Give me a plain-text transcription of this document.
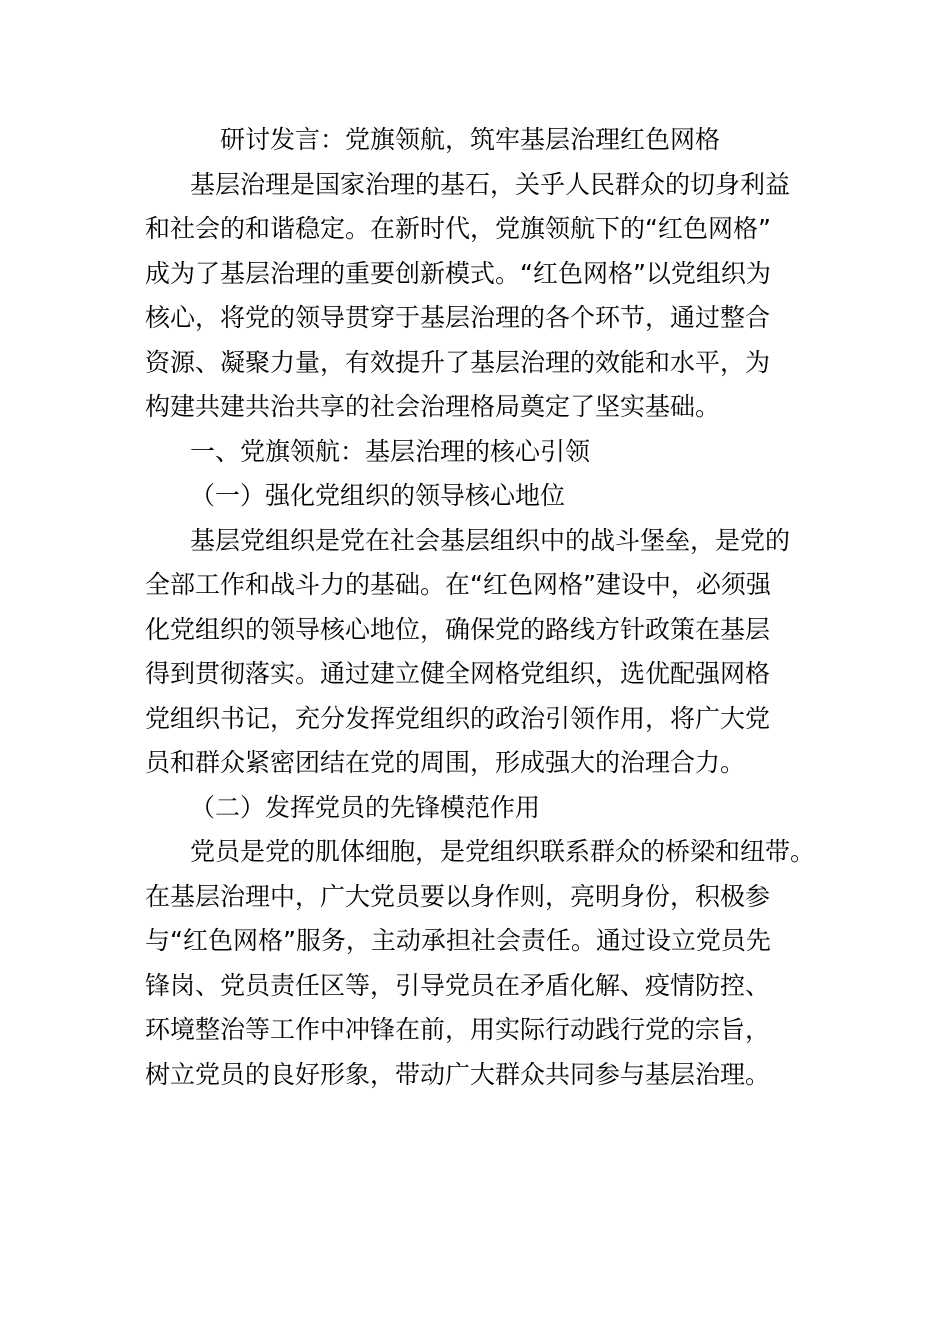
研讨发言：党旗领航，筑牢基层治理红色网格
基层治理是国家治理的基石，关乎人民群众的切身利益
和社会的和谐稳定。在新时代，党旗领航下的“红色网格”
成为了基层治理的重要创新模式。“红色网格”以党组织为
核心，将党的领导贯穿于基层治理的各个环节，通过整合
资源、凝聚力量，有效提升了基层治理的效能和水平，为
构建共建共治共享的社会治理格局奠定了坚实基础。
一、党旗领航：基层治理的核心引领
（一）强化党组织的领导核心地位
基层党组织是党在社会基层组织中的战斗堡垒，是党的
全部工作和战斗力的基础。在“红色网格”建设中，必须强
化党组织的领导核心地位，确保党的路线方针政策在基层
得到贯彻落实。通过建立健全网格党组织，选优配强网格
党组织书记，充分发挥党组织的政治引领作用，将广大党
员和群众紧密团结在党的周围，形成强大的治理合力。
（二）发挥党员的先锋模范作用
党员是党的肌体细胞，是党组织联系群众的桥梁和纽带。
在基层治理中，广大党员要以身作则，亮明身份，积极参
与“红色网格”服务，主动承担社会责任。通过设立党员先
锋岗、党员责任区等，引导党员在矛盾化解、疫情防控、
环境整治等工作中冲锋在前，用实际行动践行党的宗旨，
树立党员的良好形象，带动广大群众共同参与基层治理。
